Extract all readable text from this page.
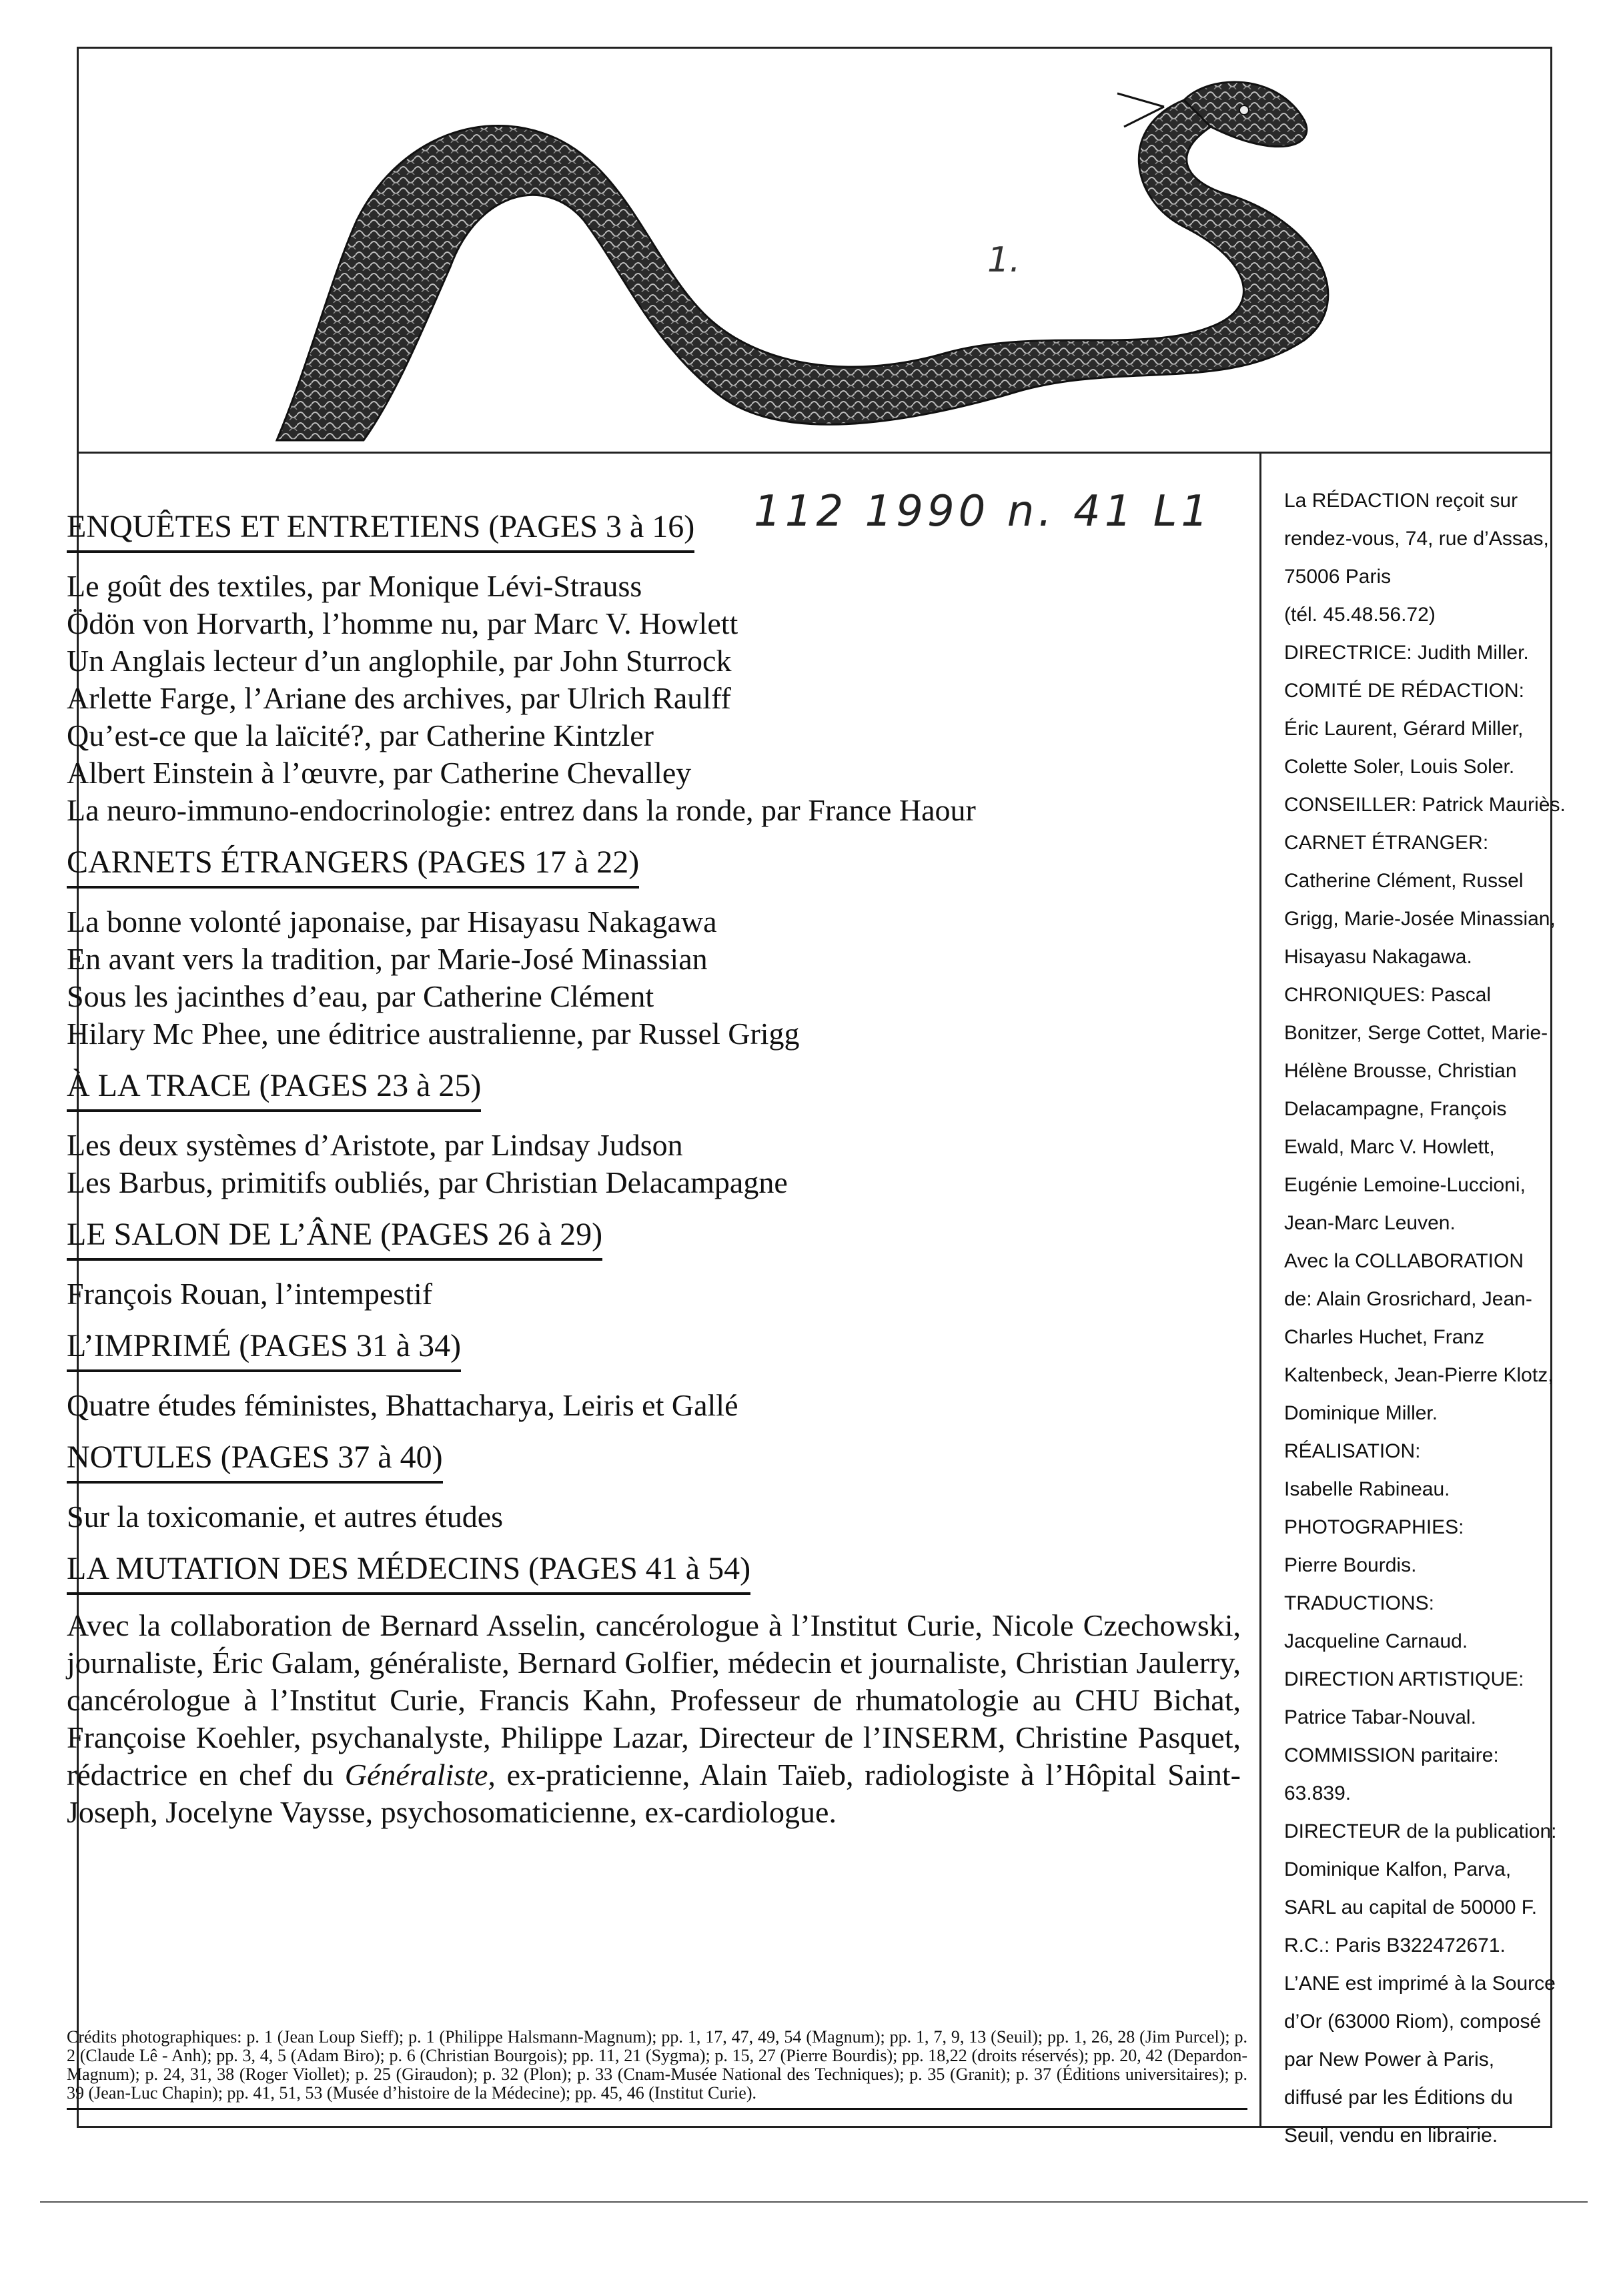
1.
112 1990 n. 41 L1
ENQUÊTES ET ENTRETIENS (PAGES 3 à 16)
Le goût des textiles, par Monique Lévi-Strauss
Ödön von Horvarth, l’homme nu, par Marc V. Howlett
Un Anglais lecteur d’un anglophile, par John Sturrock
Arlette Farge, l’Ariane des archives, par Ulrich Raulff
Qu’est-ce que la laïcité?, par Catherine Kintzler
Albert Einstein à l’œuvre, par Catherine Chevalley
La neuro-immuno-endocrinologie: entrez dans la ronde, par France Haour
CARNETS ÉTRANGERS (PAGES 17 à 22)
La bonne volonté japonaise, par Hisayasu Nakagawa
En avant vers la tradition, par Marie-José Minassian
Sous les jacinthes d’eau, par Catherine Clément
Hilary Mc Phee, une éditrice australienne, par Russel Grigg
À LA TRACE (PAGES 23 à 25)
Les deux systèmes d’Aristote, par Lindsay Judson
Les Barbus, primitifs oubliés, par Christian Delacampagne
LE SALON DE L’ÂNE (PAGES 26 à 29)
François Rouan, l’intempestif
L’IMPRIMÉ (PAGES 31 à 34)
Quatre études féministes, Bhattacharya, Leiris et Gallé
NOTULES (PAGES 37 à 40)
Sur la toxicomanie, et autres études
LA MUTATION DES MÉDECINS (PAGES 41 à 54)
Avec la collaboration de Bernard Asselin, cancérologue à l’Institut Curie, Nicole Czechowski, journaliste, Éric Galam, généraliste, Bernard Golfier, médecin et journaliste, Christian Jaulerry, cancérologue à l’Institut Curie, Francis Kahn, Professeur de rhumatologie au CHU Bichat, Françoise Koehler, psychanalyste, Philippe Lazar, Directeur de l’INSERM, Christine Pasquet, rédactrice en chef du Généraliste, ex-praticienne, Alain Taïeb, radiologiste à l’Hôpital Saint-Joseph, Jocelyne Vaysse, psychosomaticienne, ex-cardiologue.
Crédits photographiques: p. 1 (Jean Loup Sieff); p. 1 (Philippe Halsmann-Magnum); pp. 1, 17, 47, 49, 54 (Magnum); pp. 1, 7, 9, 13 (Seuil); pp. 1, 26, 28 (Jim Purcel); p. 2 (Claude Lê - Anh); pp. 3, 4, 5 (Adam Biro); p. 6 (Christian Bourgois); pp. 11, 21 (Sygma); p. 15, 27 (Pierre Bourdis); pp. 18,22 (droits réservés); pp. 20, 42 (Depardon-Magnum); p. 24, 31, 38 (Roger Viollet); p. 25 (Giraudon); p. 32 (Plon); p. 33 (Cnam-Musée National des Techniques); p. 35 (Granit); p. 37 (Éditions universitaires); p. 39 (Jean-Luc Chapin); pp. 41, 51, 53 (Musée d’histoire de la Médecine); pp. 45, 46 (Institut Curie).
La RÉDACTION reçoit sur
rendez-vous, 74, rue d’Assas,
75006 Paris
(tél. 45.48.56.72)
DIRECTRICE: Judith Miller.
COMITÉ DE RÉDACTION:
Éric Laurent, Gérard Miller,
Colette Soler, Louis Soler.
CONSEILLER: Patrick Mauriès.
CARNET ÉTRANGER:
Catherine Clément, Russel
Grigg, Marie-Josée Minassian,
Hisayasu Nakagawa.
CHRONIQUES: Pascal
Bonitzer, Serge Cottet, Marie-
Hélène Brousse, Christian
Delacampagne, François
Ewald, Marc V. Howlett,
Eugénie Lemoine-Luccioni,
Jean-Marc Leuven.
Avec la COLLABORATION
de: Alain Grosrichard, Jean-
Charles Huchet, Franz
Kaltenbeck, Jean-Pierre Klotz,
Dominique Miller.
RÉALISATION:
Isabelle Rabineau.
PHOTOGRAPHIES:
Pierre Bourdis.
TRADUCTIONS:
Jacqueline Carnaud.
DIRECTION ARTISTIQUE:
Patrice Tabar-Nouval.
COMMISSION paritaire:
63.839.
DIRECTEUR de la publication:
Dominique Kalfon, Parva,
SARL au capital de 50000 F.
R.C.: Paris B322472671.
L’ANE est imprimé à la Source
d’Or (63000 Riom), composé
par New Power à Paris,
diffusé par les Éditions du
Seuil, vendu en librairie.
